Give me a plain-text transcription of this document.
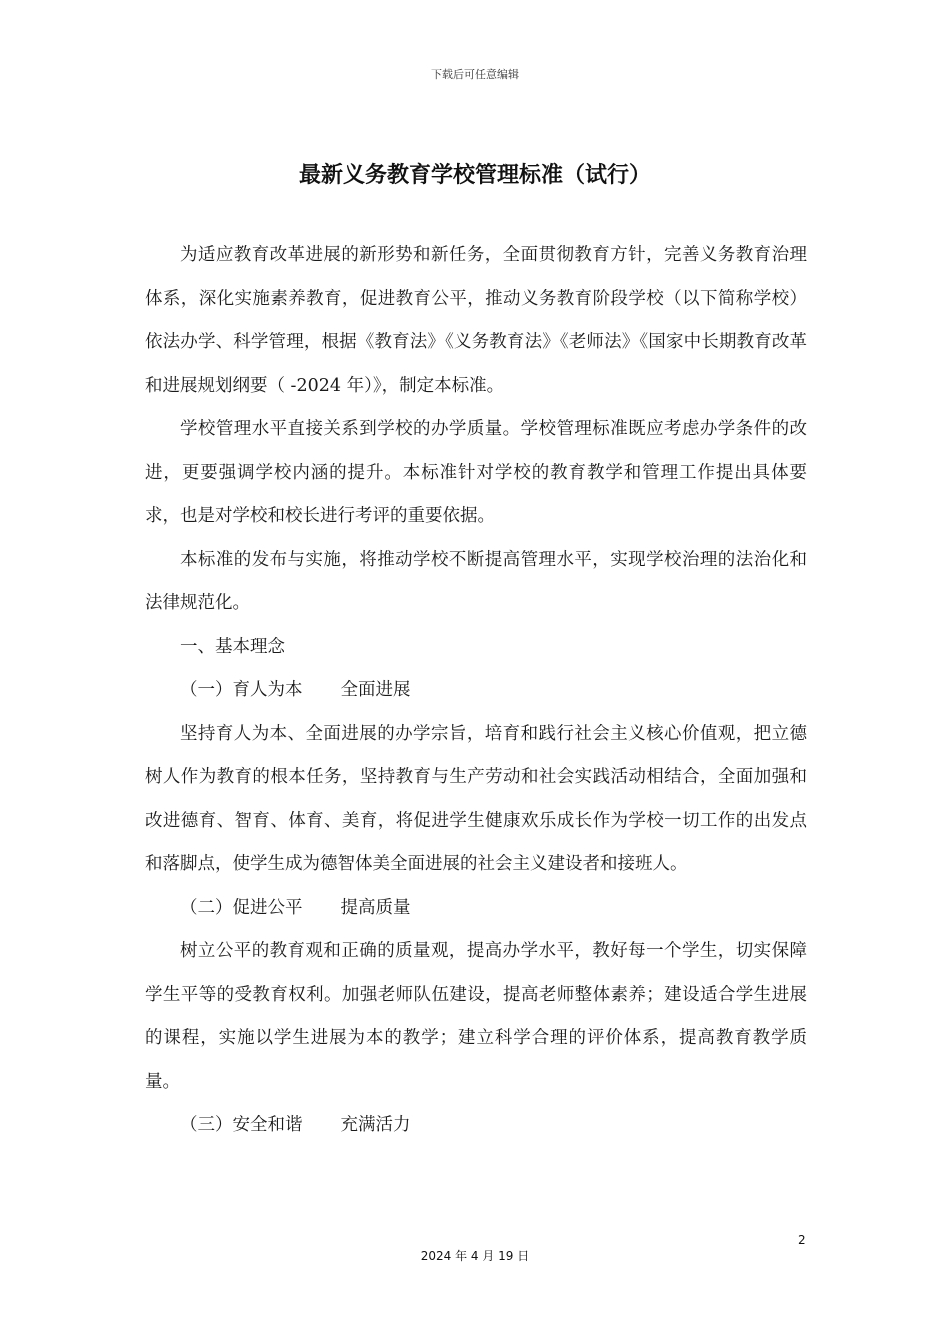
下载后可任意编辑
最新义务教育学校管理标准（试行）

为适应教育改革进展的新形势和新任务，全面贯彻教育方针，完善义务教育治理体系，深化实施素养教育，促进教育公平，推动义务教育阶段学校（以下简称学校）依法办学、科学管理，根据《教育法》《义务教育法》《老师法》《国家中长期教育改革和进展规划纲要（ -2024 年）》，制定本标准。

学校管理水平直接关系到学校的办学质量。学校管理标准既应考虑办学条件的改进，更要强调学校内涵的提升。本标准针对学校的教育教学和管理工作提出具体要求，也是对学校和校长进行考评的重要依据。

本标准的发布与实施，将推动学校不断提高管理水平，实现学校治理的法治化和法律规范化。

一、基本理念

（一）育人为本 全面进展

坚持育人为本、全面进展的办学宗旨，培育和践行社会主义核心价值观，把立德树人作为教育的根本任务，坚持教育与生产劳动和社会实践活动相结合，全面加强和改进德育、智育、体育、美育，将促进学生健康欢乐成长作为学校一切工作的出发点和落脚点，使学生成为德智体美全面进展的社会主义建设者和接班人。

（二）促进公平 提高质量

树立公平的教育观和正确的质量观，提高办学水平，教好每一个学生，切实保障学生平等的受教育权利。加强老师队伍建设，提高老师整体素养；建设适合学生进展的课程，实施以学生进展为本的教学；建立科学合理的评价体系，提高教育教学质量。

（三）安全和谐 充满活力

2
2024 年 4 月 19 日
